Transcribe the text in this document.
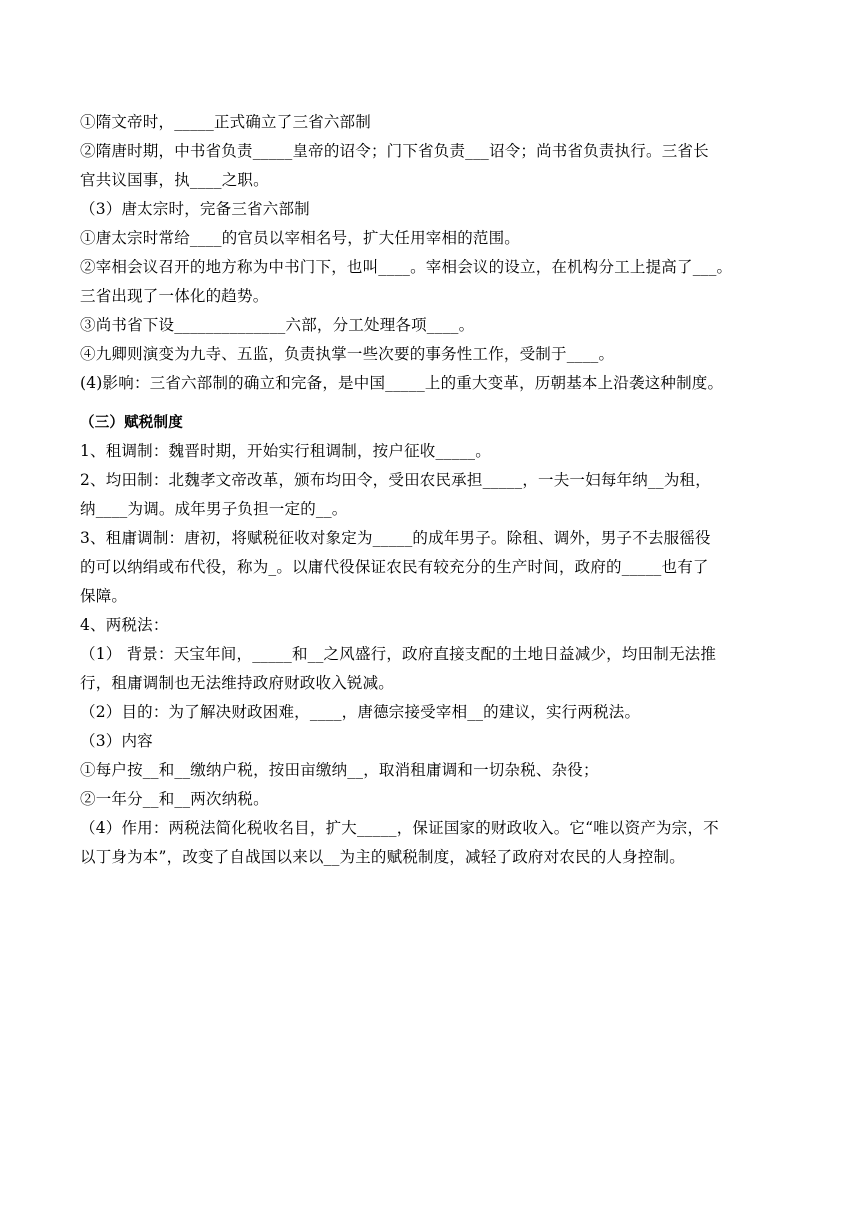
①隋文帝时，_____正式确立了三省六部制
②隋唐时期，中书省负责_____皇帝的诏令；门下省负责___诏令；尚书省负责执行。三省长
官共议国事，执____之职。
（3）唐太宗时，完备三省六部制
①唐太宗时常给____的官员以宰相名号，扩大任用宰相的范围。
②宰相会议召开的地方称为中书门下，也叫____。宰相会议的设立，在机构分工上提高了___。
三省出现了一体化的趋势。
③尚书省下设______________六部，分工处理各项____。
④九卿则演变为九寺、五监，负责执掌一些次要的事务性工作，受制于____。
(4)影响：三省六部制的确立和完备，是中国_____上的重大变革，历朝基本上沿袭这种制度。
（三）赋税制度
1、租调制：魏晋时期，开始实行租调制，按户征收_____。
2、均田制：北魏孝文帝改革，颁布均田令，受田农民承担_____，一夫一妇每年纳__为租，
纳____为调。成年男子负担一定的__。
3、租庸调制：唐初，将赋税征收对象定为_____的成年男子。除租、调外，男子不去服徭役
的可以纳绢或布代役，称为_。以庸代役保证农民有较充分的生产时间，政府的_____也有了
保障。
4、两税法：
（1） 背景：天宝年间，_____和__之风盛行，政府直接支配的土地日益减少，均田制无法推
行，租庸调制也无法维持政府财政收入锐减。
（2）目的：为了解决财政困难，____，唐德宗接受宰相__的建议，实行两税法。
（3）内容
①每户按__和__缴纳户税，按田亩缴纳__，取消租庸调和一切杂税、杂役；
②一年分__和__两次纳税。
（4）作用：两税法简化税收名目，扩大_____，保证国家的财政收入。它“唯以资产为宗，不
以丁身为本”，改变了自战国以来以__为主的赋税制度，减轻了政府对农民的人身控制。
